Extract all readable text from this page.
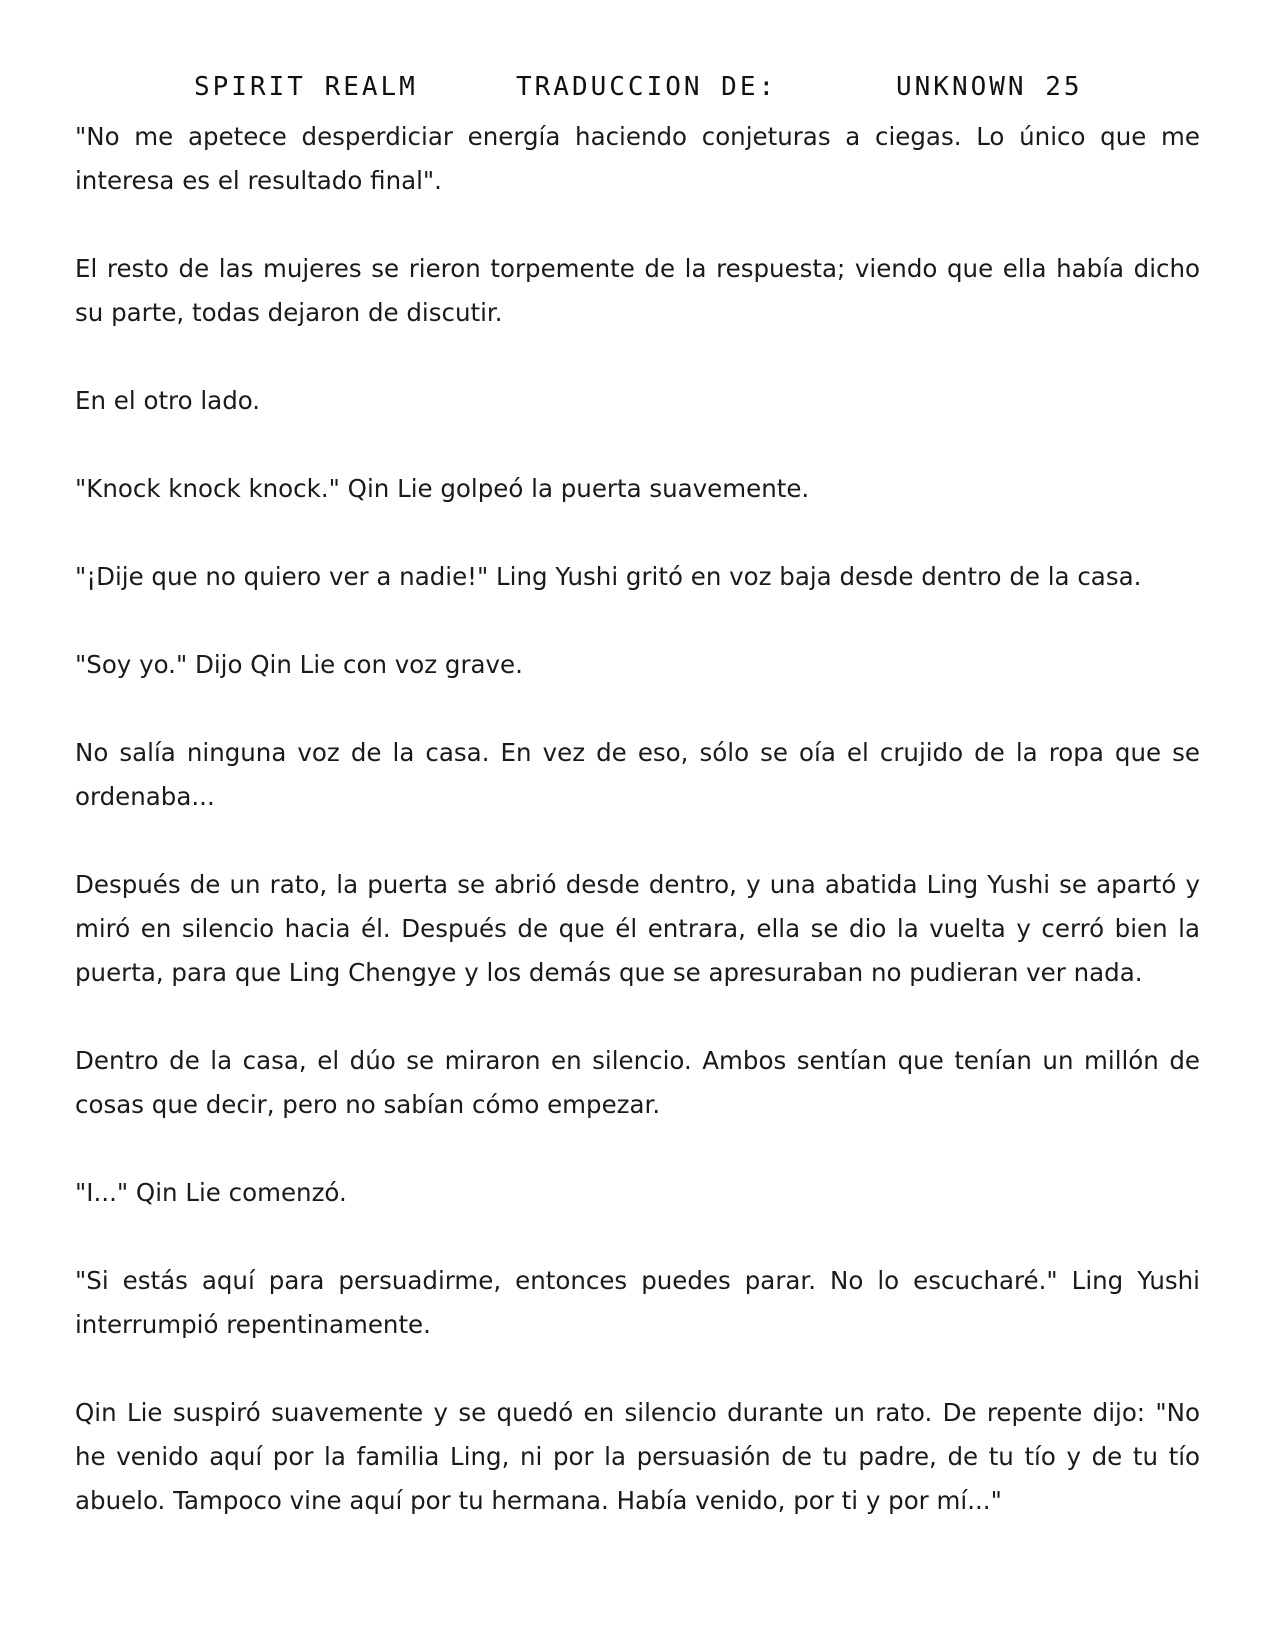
SPIRIT REALM	TRADUCCION DE:	UNKNOWN 25

"No me apetece desperdiciar energía haciendo conjeturas a ciegas. Lo único que me interesa es el resultado final".

El resto de las mujeres se rieron torpemente de la respuesta; viendo que ella había dicho su parte, todas dejaron de discutir.

En el otro lado.

"Knock knock knock." Qin Lie golpeó la puerta suavemente.

"¡Dije que no quiero ver a nadie!" Ling Yushi gritó en voz baja desde dentro de la casa.

"Soy yo." Dijo Qin Lie con voz grave.

No salía ninguna voz de la casa. En vez de eso, sólo se oía el crujido de la ropa que se ordenaba...

Después de un rato, la puerta se abrió desde dentro, y una abatida Ling Yushi se apartó y miró en silencio hacia él. Después de que él entrara, ella se dio la vuelta y cerró bien la puerta, para que Ling Chengye y los demás que se apresuraban no pudieran ver nada.

Dentro de la casa, el dúo se miraron en silencio. Ambos sentían que tenían un millón de cosas que decir, pero no sabían cómo empezar.

"I..." Qin Lie comenzó.

"Si estás aquí para persuadirme, entonces puedes parar. No lo escucharé." Ling Yushi interrumpió repentinamente.

Qin Lie suspiró suavemente y se quedó en silencio durante un rato. De repente dijo: "No he venido aquí por la familia Ling, ni por la persuasión de tu padre, de tu tío y de tu tío abuelo. Tampoco vine aquí por tu hermana. Había venido, por ti y por mí..."
